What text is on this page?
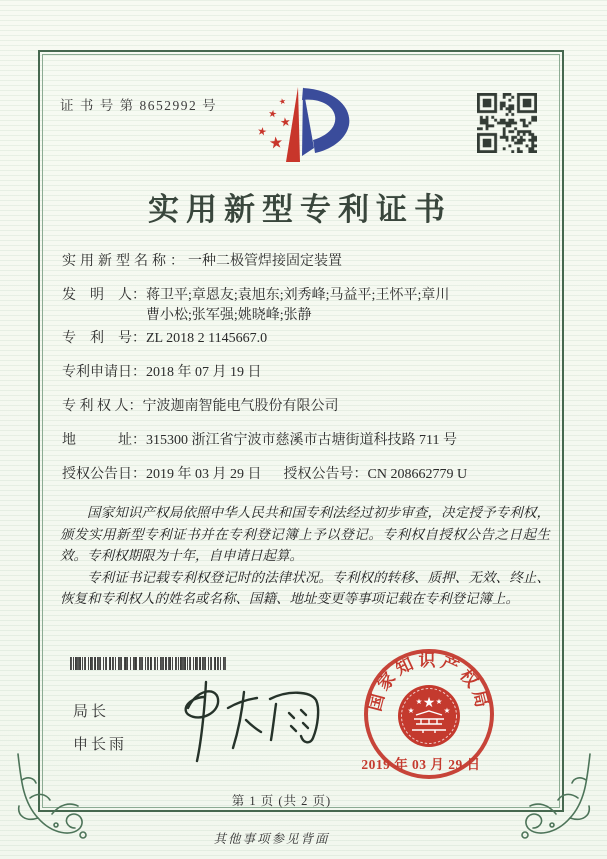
证 书 号 第 8652992 号	★
★ ★
★
★
实用新型专利证书
实用新型名称：一种二极管焊接固定装置
发　明　人： 蒋卫平;章恩友;袁旭东;刘秀峰;马益平;王怀平;章川
曹小松;张军强;姚晓峰;张静
专　利　号：ZL 2018 2 1145667.0
专利申请日：2018 年 07 月 19 日
专 利 权 人：宁波迦南智能电气股份有限公司
地　　　址：315300 浙江省宁波市慈溪市古塘街道科技路 711 号
授权公告日：2019 年 03 月 29 日 授权公告号：CN 208662779 U

国家知识产权局依照中华人民共和国专利法经过初步审查，决定授予专利权，颁发实用新型专利证书并在专利登记簿上予以登记。专利权自授权公告之日起生效。专利权期限为十年，自申请日起算。

专利证书记载专利权登记时的法律状况。专利权的转移、质押、无效、终止、恢复和专利权人的姓名或名称、国籍、地址变更等事项记载在专利登记簿上。

局长
申长雨
国家知识产权局
★
★
★ ★
★
2019 年 03 月 29 日
第 1 页 (共 2 页)
其他事项参见背面
